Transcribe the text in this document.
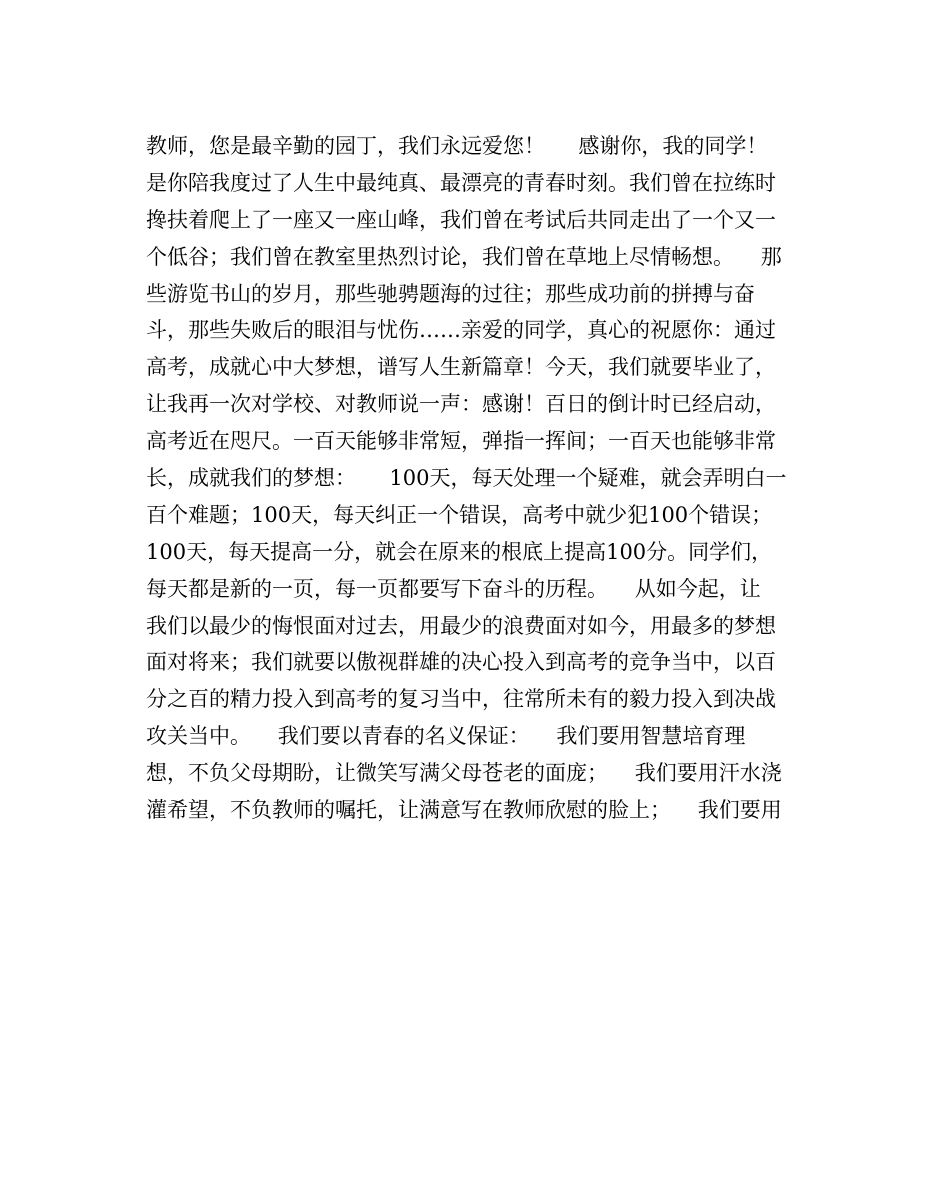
教师，您是最辛勤的园丁，我们永远爱您！     感谢你，我的同学！
是你陪我度过了人生中最纯真、最漂亮的青春时刻。我们曾在拉练时
搀扶着爬上了一座又一座山峰，我们曾在考试后共同走出了一个又一
个低谷；我们曾在教室里热烈讨论，我们曾在草地上尽情畅想。    那
些游览书山的岁月，那些驰骋题海的过往；那些成功前的拼搏与奋
斗，那些失败后的眼泪与忧伤……亲爱的同学，真心的祝愿你：通过
高考，成就心中大梦想，谱写人生新篇章！今天，我们就要毕业了，
让我再一次对学校、对教师说一声：感谢！百日的倒计时已经启动，
高考近在咫尺。一百天能够非常短，弹指一挥间；一百天也能够非常
长，成就我们的梦想：     100天，每天处理一个疑难，就会弄明白一
百个难题；100天，每天纠正一个错误，高考中就少犯100个错误；
100天，每天提高一分，就会在原来的根底上提高100分。同学们，
每天都是新的一页，每一页都要写下奋斗的历程。    从如今起，让
我们以最少的悔恨面对过去，用最少的浪费面对如今，用最多的梦想
面对将来；我们就要以傲视群雄的决心投入到高考的竞争当中，以百
分之百的精力投入到高考的复习当中，往常所未有的毅力投入到决战
攻关当中。    我们要以青春的名义保证：    我们要用智慧培育理
想，不负父母期盼，让微笑写满父母苍老的面庞；    我们要用汗水浇
灌希望，不负教师的嘱托，让满意写在教师欣慰的脸上；    我们要用
